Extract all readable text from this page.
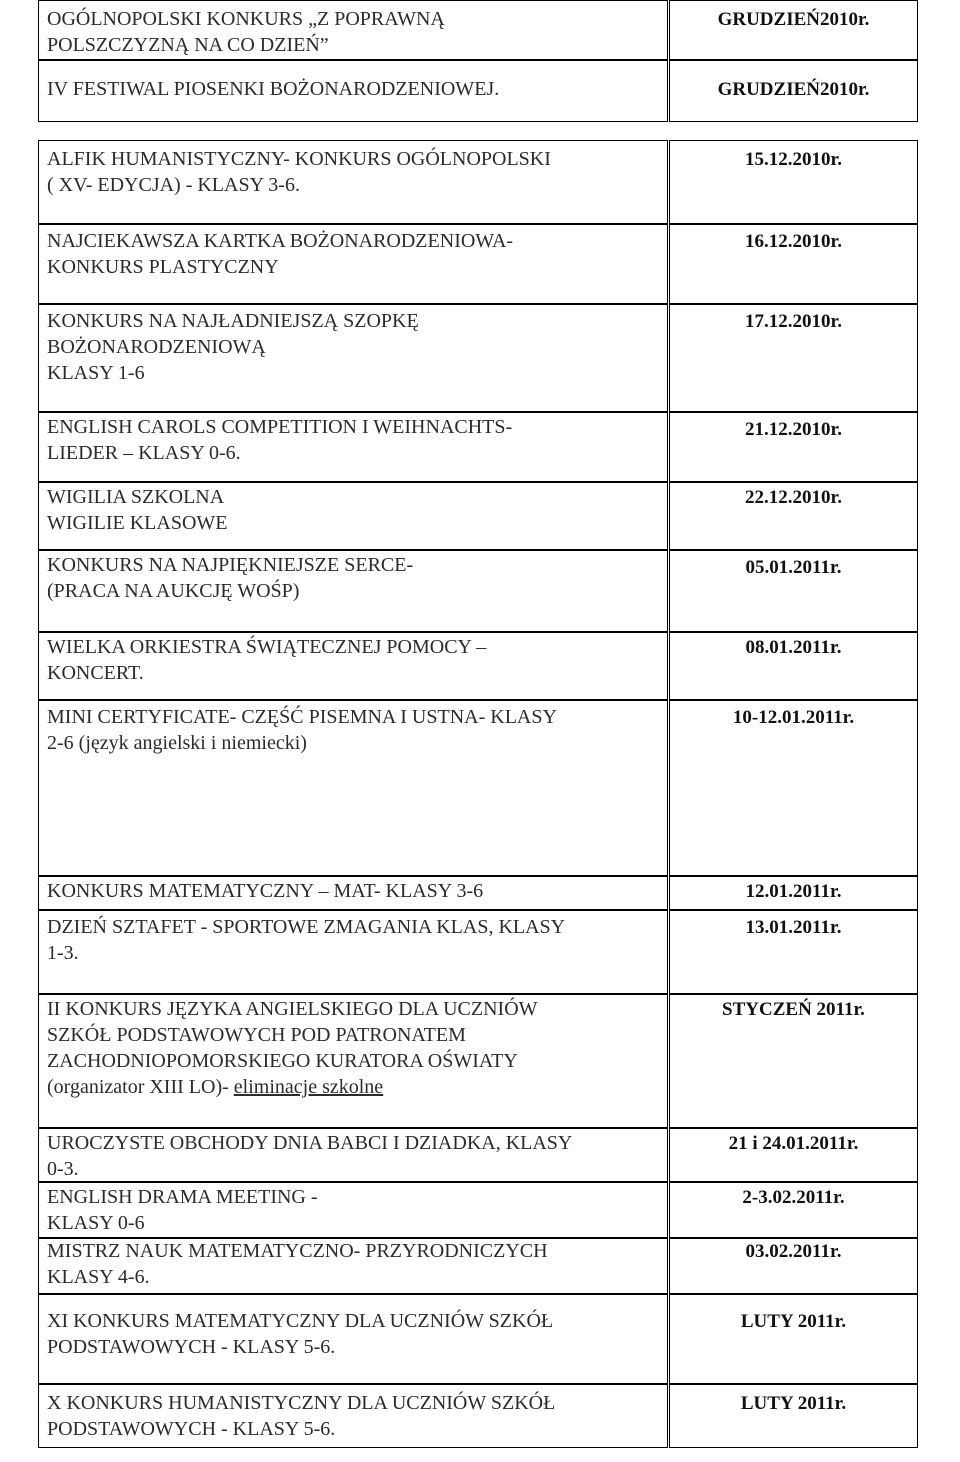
OGÓLNOPOLSKI KONKURS „Z POPRAWNĄ
POLSZCZYZNĄ NA CO DZIEŃ”
GRUDZIEŃ2010r.
IV FESTIWAL PIOSENKI BOŻONARODZENIOWEJ.	GRUDZIEŃ2010r.
ALFIK HUMANISTYCZNY- KONKURS OGÓLNOPOLSKI
( XV- EDYCJA) - KLASY 3-6.
15.12.2010r.
NAJCIEKAWSZA KARTKA BOŻONARODZENIOWA-
KONKURS PLASTYCZNY
16.12.2010r.
KONKURS NA NAJŁADNIEJSZĄ SZOPKĘ
BOŻONARODZENIOWĄ
KLASY 1-6
17.12.2010r.
ENGLISH CAROLS COMPETITION I WEIHNACHTS-
LIEDER – KLASY 0-6.
21.12.2010r.
WIGILIA SZKOLNA
WIGILIE KLASOWE
22.12.2010r.
KONKURS NA NAJPIĘKNIEJSZE SERCE-
(PRACA NA AUKCJĘ WOŚP)
05.01.2011r.
WIELKA ORKIESTRA ŚWIĄTECZNEJ POMOCY –
KONCERT.
08.01.2011r.
MINI CERTYFICATE- CZĘŚĆ PISEMNA I USTNA- KLASY
2-6 (język angielski i niemiecki)
10-12.01.2011r.
KONKURS MATEMATYCZNY – MAT- KLASY 3-6	12.01.2011r.
DZIEŃ SZTAFET - SPORTOWE ZMAGANIA KLAS, KLASY
1-3.
13.01.2011r.
II KONKURS JĘZYKA ANGIELSKIEGO DLA UCZNIÓW
SZKÓŁ PODSTAWOWYCH POD PATRONATEM
ZACHODNIOPOMORSKIEGO KURATORA OŚWIATY
(organizator XIII LO)- eliminacje szkolne
STYCZEŃ 2011r.
UROCZYSTE OBCHODY DNIA BABCI I DZIADKA, KLASY
0-3.
21 i 24.01.2011r.
ENGLISH DRAMA MEETING -
KLASY 0-6
2-3.02.2011r.
MISTRZ NAUK MATEMATYCZNO- PRZYRODNICZYCH
KLASY 4-6.
03.02.2011r.
XI KONKURS MATEMATYCZNY DLA UCZNIÓW SZKÓŁ
PODSTAWOWYCH - KLASY 5-6.
LUTY 2011r.
X KONKURS HUMANISTYCZNY DLA UCZNIÓW SZKÓŁ
PODSTAWOWYCH - KLASY 5-6.
LUTY 2011r.
